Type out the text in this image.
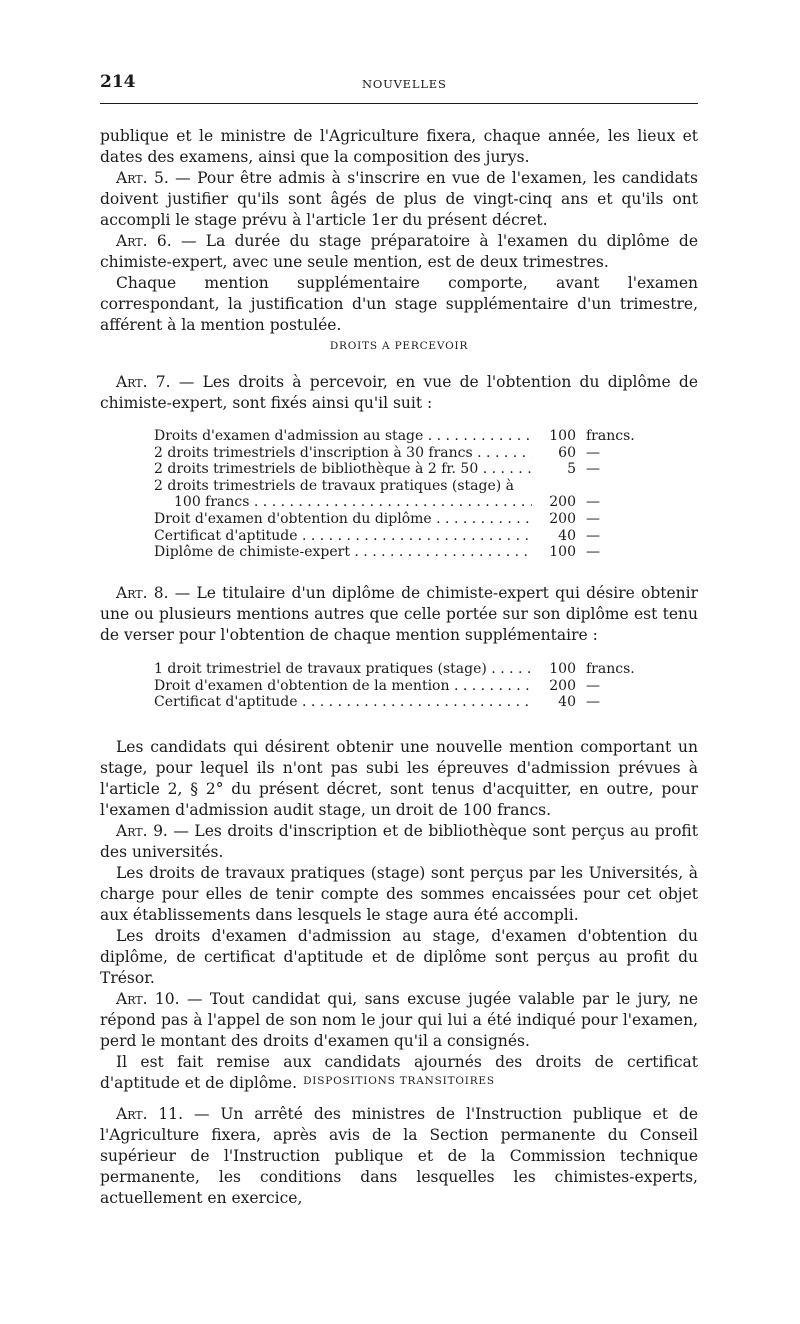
214	NOUVELLES

publique et le ministre de l'Agriculture fixera, chaque année, les lieux et dates des examens, ainsi que la composition des jurys.

Art. 5. — Pour être admis à s'inscrire en vue de l'examen, les candidats doivent justifier qu'ils sont âgés de plus de vingt-cinq ans et qu'ils ont accompli le stage prévu à l'article 1er du présent décret.

Art. 6. — La durée du stage préparatoire à l'examen du diplôme de chimiste-expert, avec une seule mention, est de deux trimestres.

Chaque mention supplémentaire comporte, avant l'examen correspondant, la justification d'un stage supplémentaire d'un trimestre, afférent à la mention postulée.

DROITS A PERCEVOIR

Art. 7. — Les droits à percevoir, en vue de l'obtention du diplôme de chimiste-expert, sont fixés ainsi qu'il suit :

Droits d'examen d'admission au stage . . .	100 francs.
2 droits trimestriels d'inscription à 30 francs . . .	60 —
2 droits trimestriels de bibliothèque à 2 fr. 50 . . .	5 —
2 droits trimestriels de travaux pratiques (stage) à
100 francs . . .	200 —
Droit d'examen d'obtention du diplôme . . .	200 —
Certificat d'aptitude . . .	40 —
Diplôme de chimiste-expert . . .	100 —

Art. 8. — Le titulaire d'un diplôme de chimiste-expert qui désire obtenir une ou plusieurs mentions autres que celle portée sur son diplôme est tenu de verser pour l'obtention de chaque mention supplémentaire :

1 droit trimestriel de travaux pratiques (stage) . . .	100 francs.
Droit d'examen d'obtention de la mention . . .	200 —
Certificat d'aptitude . . .	40 —

Les candidats qui désirent obtenir une nouvelle mention comportant un stage, pour lequel ils n'ont pas subi les épreuves d'admission prévues à l'article 2, § 2° du présent décret, sont tenus d'acquitter, en outre, pour l'examen d'admission audit stage, un droit de 100 francs.

Art. 9. — Les droits d'inscription et de bibliothèque sont perçus au profit des universités.

Les droits de travaux pratiques (stage) sont perçus par les Universités, à charge pour elles de tenir compte des sommes encaissées pour cet objet aux établissements dans lesquels le stage aura été accompli.

Les droits d'examen d'admission au stage, d'examen d'obtention du diplôme, de certificat d'aptitude et de diplôme sont perçus au profit du Trésor.

Art. 10. — Tout candidat qui, sans excuse jugée valable par le jury, ne répond pas à l'appel de son nom le jour qui lui a été indiqué pour l'examen, perd le montant des droits d'examen qu'il a consignés.

Il est fait remise aux candidats ajournés des droits de certificat d'aptitude et de diplôme. DISPOSITIONS TRANSITOIRES

Art. 11. — Un arrêté des ministres de l'Instruction publique et de l'Agriculture fixera, après avis de la Section permanente du Conseil supérieur de l'Instruction publique et de la Commission technique permanente, les conditions dans lesquelles les chimistes-experts, actuellement en exercice,
